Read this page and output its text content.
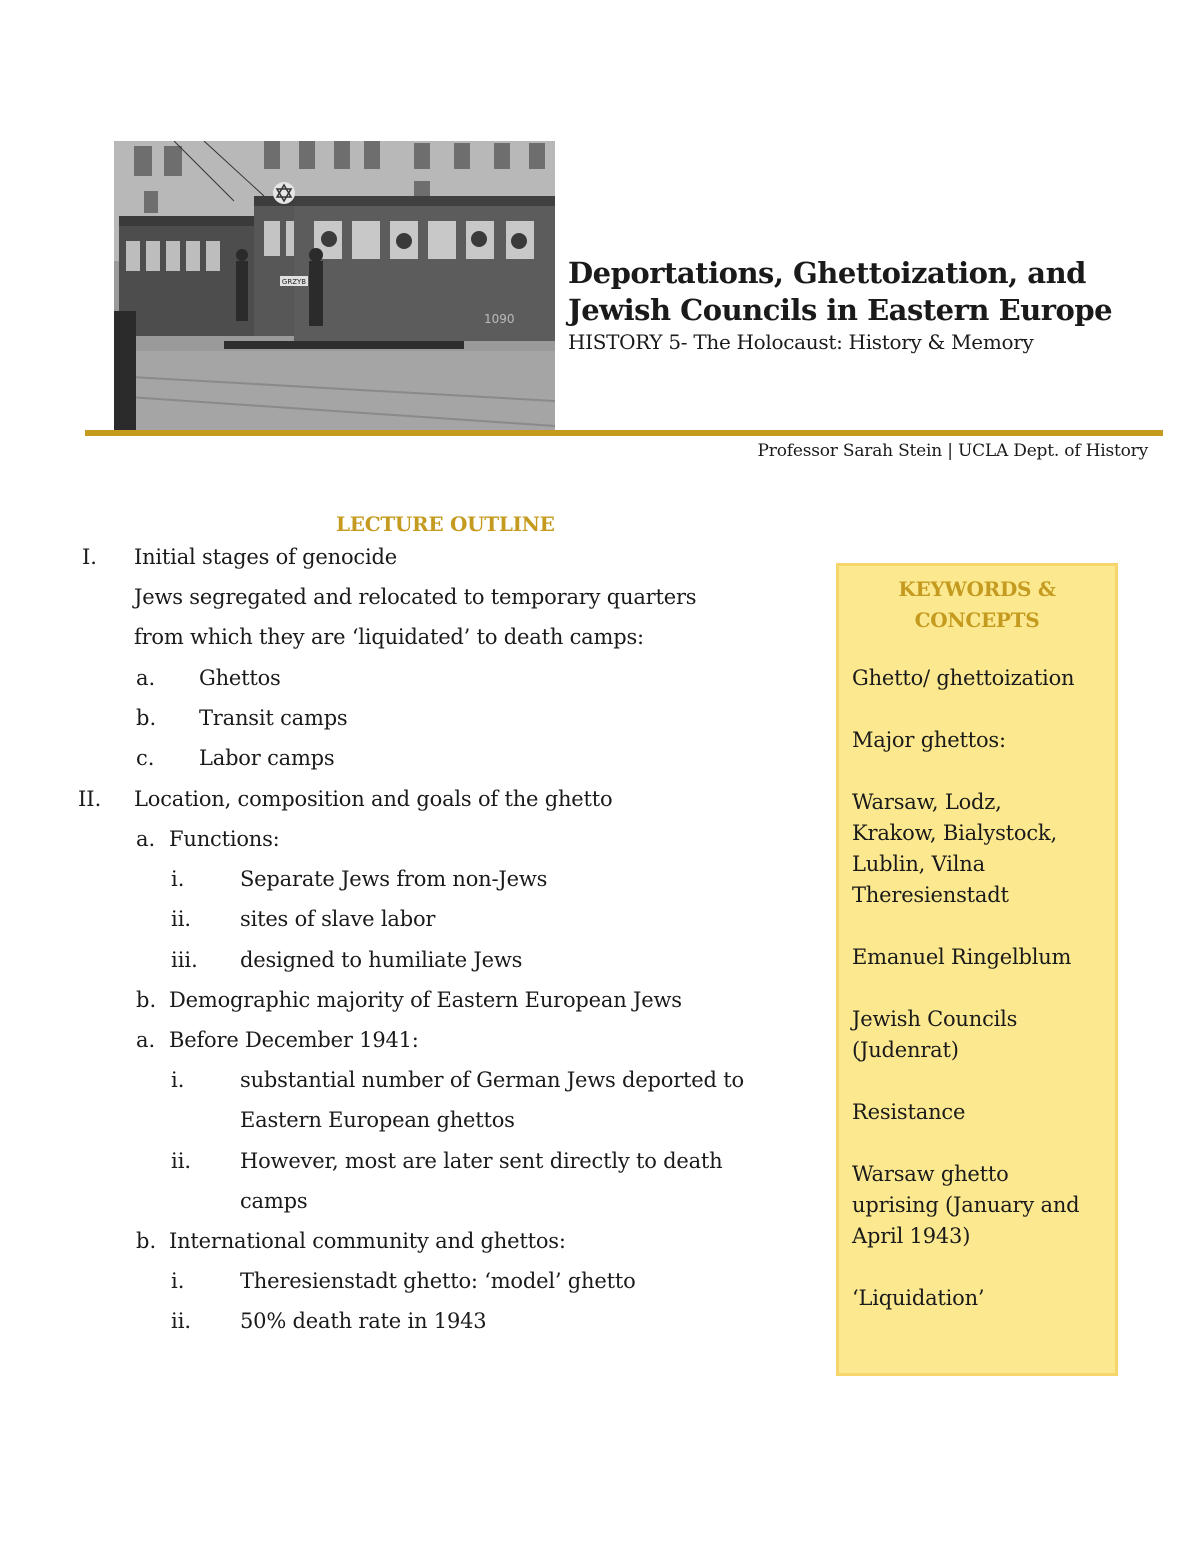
GRZYB
1090
Deportations, Ghettoization, and
Jewish Councils in Eastern Europe
HISTORY 5- The Holocaust: History & Memory
Professor Sarah Stein | UCLA Dept. of History
LECTURE OUTLINE
I. Initial stages of genocide
Jews segregated and relocated to temporary quarters
from which they are ‘liquidated’ to death camps:
a. Ghettos
b. Transit camps
c. Labor camps
II. Location, composition and goals of the ghetto
a. Functions:
i.	Separate Jews from non-Jews
ii. sites of slave labor
iii. designed to humiliate Jews
b. Demographic majority of Eastern European Jews
a. Before December 1941:
i.	substantial number of German Jews deported to
Eastern European ghettos
ii. However, most are later sent directly to death
camps
b. International community and ghettos:
i.	Theresienstadt ghetto: ‘model’ ghetto
ii. 50% death rate in 1943
KEYWORDS &
CONCEPTS
Ghetto/ ghettoization
Major ghettos:
Warsaw, Lodz,
Krakow, Bialystock,
Lublin, Vilna
Theresienstadt
Emanuel Ringelblum
Jewish Councils
(Judenrat)
Resistance
Warsaw ghetto
uprising (January and
April 1943)
‘Liquidation’
